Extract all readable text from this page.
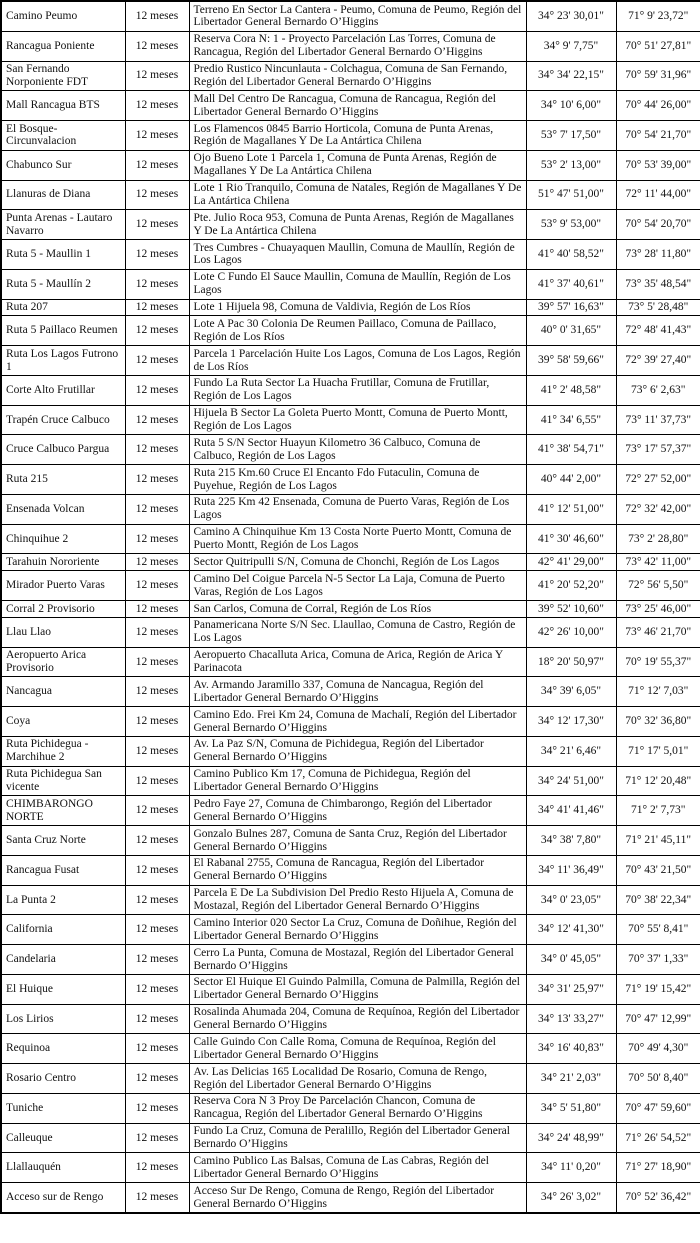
Camino Peumo	12 meses	Terreno En Sector La Cantera - Peumo, Comuna de Peumo, Región del Libertador General Bernardo O’Higgins	34° 23' 30,01"	71° 9' 23,72"
Rancagua Poniente	12 meses	Reserva Cora N: 1 - Proyecto Parcelación Las Torres, Comuna de Rancagua, Región del Libertador General Bernardo O’Higgins	34° 9' 7,75"	70° 51' 27,81"
San Fernando Norponiente FDT	12 meses	Predio Rustico Nincunlauta - Colchagua, Comuna de San Fernando, Región del Libertador General Bernardo O’Higgins	34° 34' 22,15"	70° 59' 31,96"
Mall Rancagua BTS	12 meses	Mall Del Centro De Rancagua, Comuna de Rancagua, Región del Libertador General Bernardo O’Higgins	34° 10' 6,00"	70° 44' 26,00"
El Bosque-Circunvalacion	12 meses	Los Flamencos 0845 Barrio Horticola, Comuna de Punta Arenas, Región de Magallanes Y De La Antártica Chilena	53° 7' 17,50"	70° 54' 21,70"
Chabunco Sur	12 meses	Ojo Bueno Lote 1 Parcela 1, Comuna de Punta Arenas, Región de Magallanes Y De La Antártica Chilena	53° 2' 13,00"	70° 53' 39,00"
Llanuras de Diana	12 meses	Lote 1 Rio Tranquilo, Comuna de Natales, Región de Magallanes Y De La Antártica Chilena	51° 47' 51,00"	72° 11' 44,00"
Punta Arenas - Lautaro Navarro	12 meses	Pte. Julio Roca 953, Comuna de Punta Arenas, Región de Magallanes Y De La Antártica Chilena	53° 9' 53,00"	70° 54' 20,70"
Ruta 5 - Maullin 1	12 meses	Tres Cumbres - Chuayaquen Maullin, Comuna de Maullín, Región de Los Lagos	41° 40' 58,52"	73° 28' 11,80"
Ruta 5 - Maullín 2	12 meses	Lote C Fundo El Sauce Maullin, Comuna de Maullín, Región de Los Lagos	41° 37' 40,61"	73° 35' 48,54"
Ruta 207	12 meses	Lote 1 Hijuela 98, Comuna de Valdivia, Región de Los Ríos	39° 57' 16,63"	73° 5' 28,48"
Ruta 5 Paillaco Reumen	12 meses	Lote A Pac 30 Colonia De Reumen Paillaco, Comuna de Paillaco, Región de Los Ríos	40° 0' 31,65"	72° 48' 41,43"
Ruta Los Lagos Futrono 1	12 meses	Parcela 1 Parcelación Huite Los Lagos, Comuna de Los Lagos, Región de Los Ríos	39° 58' 59,66"	72° 39' 27,40"
Corte Alto Frutillar	12 meses	Fundo La Ruta Sector La Huacha Frutillar, Comuna de Frutillar, Región de Los Lagos	41° 2' 48,58"	73° 6' 2,63"
Trapén Cruce Calbuco	12 meses	Hijuela B Sector La Goleta Puerto Montt, Comuna de Puerto Montt, Región de Los Lagos	41° 34' 6,55"	73° 11' 37,73"
Cruce Calbuco Pargua	12 meses	Ruta 5 S/N Sector Huayun Kilometro 36 Calbuco, Comuna de Calbuco, Región de Los Lagos	41° 38' 54,71"	73° 17' 57,37"
Ruta 215	12 meses	Ruta 215 Km.60 Cruce El Encanto Fdo Futaculin, Comuna de Puyehue, Región de Los Lagos	40° 44' 2,00"	72° 27' 52,00"
Ensenada Volcan	12 meses	Ruta 225 Km 42 Ensenada, Comuna de Puerto Varas, Región de Los Lagos	41° 12' 51,00"	72° 32' 42,00"
Chinquihue 2	12 meses	Camino A Chinquihue Km 13 Costa Norte Puerto Montt, Comuna de Puerto Montt, Región de Los Lagos	41° 30' 46,60"	73° 2' 28,80"
Tarahuin Nororiente	12 meses	Sector Quitripulli S/N, Comuna de Chonchi, Región de Los Lagos	42° 41' 29,00"	73° 42' 11,00"
Mirador Puerto Varas	12 meses	Camino Del Coigue Parcela N-5 Sector La Laja, Comuna de Puerto Varas, Región de Los Lagos	41° 20' 52,20"	72° 56' 5,50"
Corral 2 Provisorio	12 meses	San Carlos, Comuna de Corral, Región de Los Ríos	39° 52' 10,60"	73° 25' 46,00"
Llau Llao	12 meses	Panamericana Norte S/N Sec. Llaullao, Comuna de Castro, Región de Los Lagos	42° 26' 10,00"	73° 46' 21,70"
Aeropuerto Arica Provisorio	12 meses	Aeropuerto Chacalluta Arica, Comuna de Arica, Región de Arica Y Parinacota	18° 20' 50,97"	70° 19' 55,37"
Nancagua	12 meses	Av. Armando Jaramillo 337, Comuna de Nancagua, Región del Libertador General Bernardo O’Higgins	34° 39' 6,05"	71° 12' 7,03"
Coya	12 meses	Camino Edo. Frei Km 24, Comuna de Machalí, Región del Libertador General Bernardo O’Higgins	34° 12' 17,30"	70° 32' 36,80"
Ruta Pichidegua - Marchihue 2	12 meses	Av. La Paz S/N, Comuna de Pichidegua, Región del Libertador General Bernardo O’Higgins	34° 21' 6,46"	71° 17' 5,01"
Ruta Pichidegua San vicente	12 meses	Camino Publico Km 17, Comuna de Pichidegua, Región del Libertador General Bernardo O’Higgins	34° 24' 51,00"	71° 12' 20,48"
CHIMBARONGO NORTE	12 meses	Pedro Faye 27, Comuna de Chimbarongo, Región del Libertador General Bernardo O’Higgins	34° 41' 41,46"	71° 2' 7,73"
Santa Cruz Norte	12 meses	Gonzalo Bulnes 287, Comuna de Santa Cruz, Región del Libertador General Bernardo O’Higgins	34° 38' 7,80"	71° 21' 45,11"
Rancagua Fusat	12 meses	El Rabanal 2755, Comuna de Rancagua, Región del Libertador General Bernardo O’Higgins	34° 11' 36,49"	70° 43' 21,50"
La Punta 2	12 meses	Parcela E De La Subdivision Del Predio Resto Hijuela A, Comuna de Mostazal, Región del Libertador General Bernardo O’Higgins	34° 0' 23,05"	70° 38' 22,34"
California	12 meses	Camino Interior 020 Sector La Cruz, Comuna de Doñihue, Región del Libertador General Bernardo O’Higgins	34° 12' 41,30"	70° 55' 8,41"
Candelaria	12 meses	Cerro La Punta, Comuna de Mostazal, Región del Libertador General Bernardo O’Higgins	34° 0' 45,05"	70° 37' 1,33"
El Huique	12 meses	Sector El Huique El Guindo Palmilla, Comuna de Palmilla, Región del Libertador General Bernardo O’Higgins	34° 31' 25,97"	71° 19' 15,42"
Los Lirios	12 meses	Rosalinda Ahumada 204, Comuna de Requínoa, Región del Libertador General Bernardo O’Higgins	34° 13' 33,27"	70° 47' 12,99"
Requinoa	12 meses	Calle Guindo Con Calle Roma, Comuna de Requínoa, Región del Libertador General Bernardo O’Higgins	34° 16' 40,83"	70° 49' 4,30"
Rosario Centro	12 meses	Av. Las Delicias 165 Localidad De Rosario, Comuna de Rengo, Región del Libertador General Bernardo O’Higgins	34° 21' 2,03"	70° 50' 8,40"
Tuniche	12 meses	Reserva Cora N 3 Proy De Parcelación Chancon, Comuna de Rancagua, Región del Libertador General Bernardo O’Higgins	34° 5' 51,80"	70° 47' 59,60"
Calleuque	12 meses	Fundo La Cruz, Comuna de Peralillo, Región del Libertador General Bernardo O’Higgins	34° 24' 48,99"	71° 26' 54,52"
Llallauquén	12 meses	Camino Publico Las Balsas, Comuna de Las Cabras, Región del Libertador General Bernardo O’Higgins	34° 11' 0,20"	71° 27' 18,90"
Acceso sur de Rengo	12 meses	Acceso Sur De Rengo, Comuna de Rengo, Región del Libertador General Bernardo O’Higgins	34° 26' 3,02"	70° 52' 36,42"
